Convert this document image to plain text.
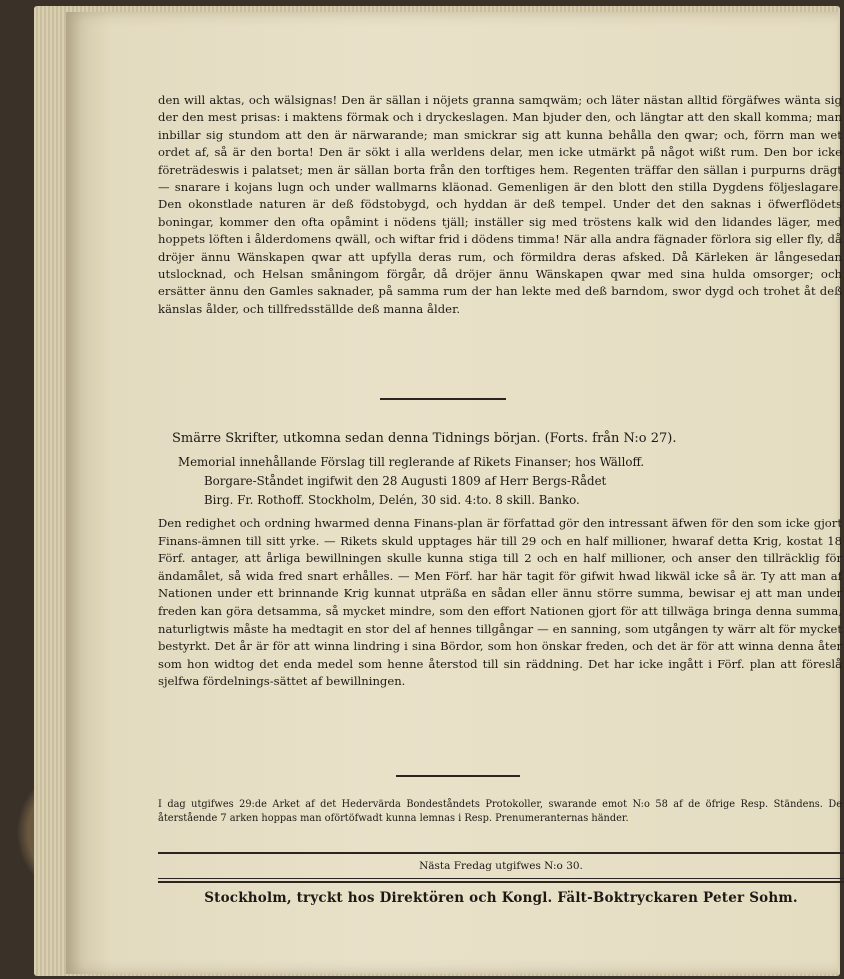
den will aktas, och wälsignas! Den är sällan i nöjets granna samqwäm; och läter nästan alltid förgäfwes wänta sig der den mest prisas: i maktens förmak och i dryckeslagen. Man bjuder den, och längtar att den skall komma; man inbillar sig stundom att den är närwarande; man smickrar sig att kunna behålla den qwar; och, förrn man wet ordet af, så är den borta! Den är sökt i alla werldens delar, men icke utmärkt på något wißt rum. Den bor icke företrädeswis i palatset; men är sällan borta från den torftiges hem. Regenten träffar den sällan i purpurns drägt — snarare i kojans lugn och under wallmarns kläonad. Gemenligen är den blott den stilla Dygdens följeslagare. Den okonstlade naturen är deß födstobygd, och hyddan är deß tempel. Under det den saknas i öfwerflödets boningar, kommer den ofta opåmint i nödens tjäll; inställer sig med tröstens kalk wid den lidandes läger, med hoppets löften i ålderdomens qwäll, och wiftar frid i dödens timma! När alla andra fägnader förlora sig eller fly, då dröjer ännu Wänskapen qwar att upfylla deras rum, och förmildra deras afsked. Då Kärleken är långesedan utslocknad, och Helsan småningom förgår, då dröjer ännu Wänskapen qwar med sina hulda omsorger; och ersätter ännu den Gamles saknader, på samma rum der han lekte med deß barndom, swor dygd och trohet åt deß känslas ålder, och tillfredsställde deß manna ålder.

Smärre Skrifter, utkomna sedan denna Tidnings början. (Forts. från N:o 27).
Memorial innehållande Förslag till reglerande af Rikets Finanser; hos Wälloff.
Borgare-Ståndet ingifwit den 28 Augusti 1809 af Herr Bergs-Rådet
Birg. Fr. Rothoff. Stockholm, Delén, 30 sid. 4:to. 8 skill. Banko.

Den redighet och ordning hwarmed denna Finans-plan är författad gör den intressant äfwen för den som icke gjort Finans-ämnen till sitt yrke. — Rikets skuld upptages här till 29 och en half millioner, hwaraf detta Krig, kostat 18 Förf. antager, att årliga bewillningen skulle kunna stiga till 2 och en half millioner, och anser den tillräcklig för ändamålet, så wida fred snart erhålles. — Men Förf. har här tagit för gifwit hwad likwäl icke så är. Ty att man af Nationen under ett brinnande Krig kunnat utpräßa en sådan eller ännu större summa, bewisar ej att man under freden kan göra detsamma, så mycket mindre, som den effort Nationen gjort för att tillwäga bringa denna summa, naturligtwis måste ha medtagit en stor del af hennes tillgångar — en sanning, som utgången ty wärr alt för mycket bestyrkt. Det år är för att winna lindring i sina Bördor, som hon önskar freden, och det är för att winna denna åter som hon widtog det enda medel som henne återstod till sin räddning. Det har icke ingått i Förf. plan att föreslå sjelfwa fördelnings-sättet af bewillningen.

I dag utgifwes 29:de Arket af det Hedervärda Bondeståndets Protokoller, swarande emot N:o 58 af de öfrige Resp. Ständens. De återstående 7 arken hoppas man oförtöfwadt kunna lemnas i Resp. Prenumeranternas händer.

Nästa Fredag utgifwes N:o 30.
Stockholm, tryckt hos Direktören och Kongl. Fält-Boktryckaren Peter Sohm.
